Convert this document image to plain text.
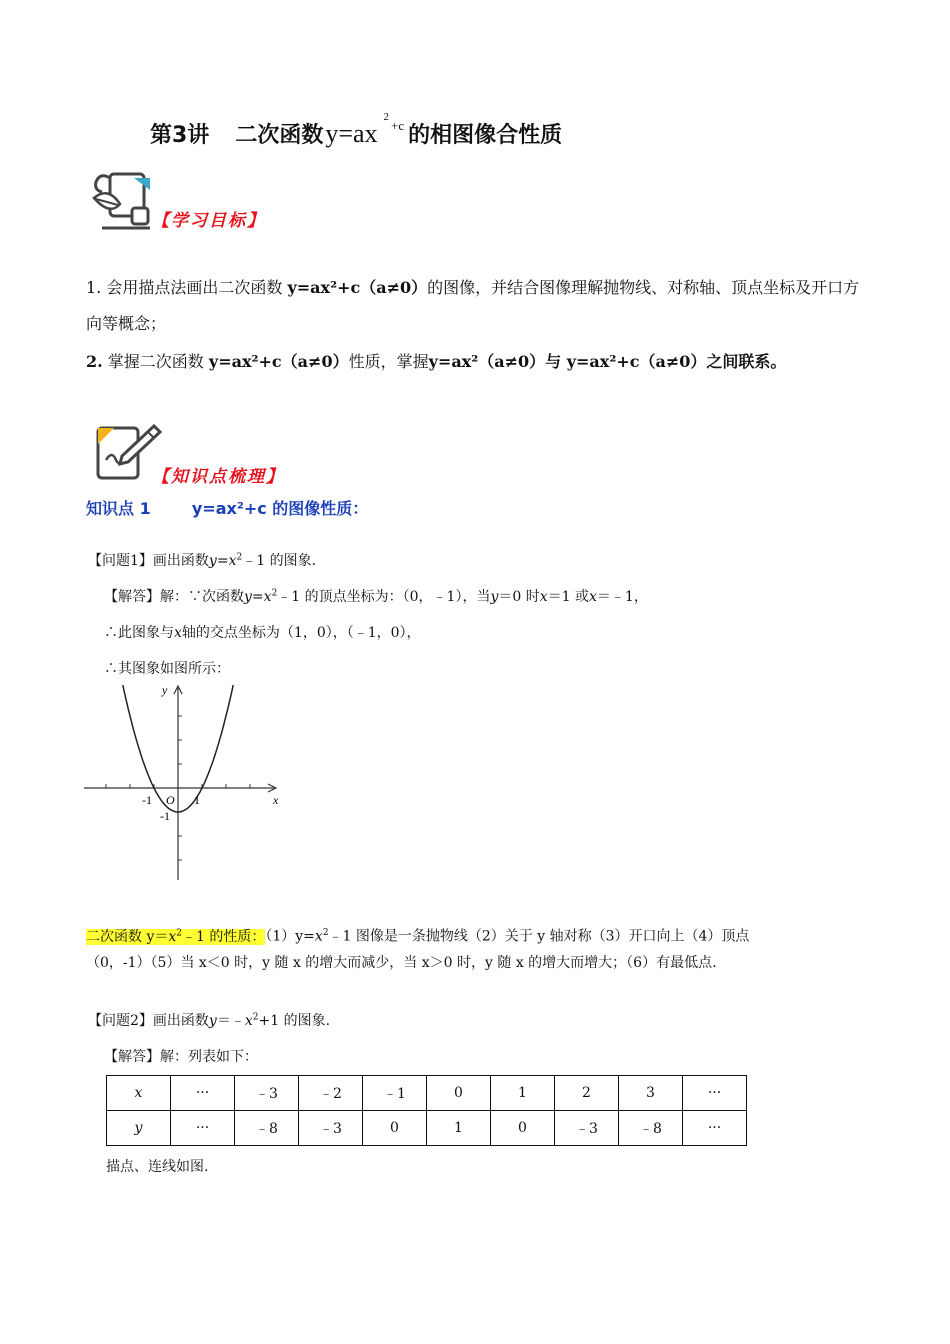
第3讲 二次函数$y=ax^{2+c}$ 的相图像合性质
【学习目标】
1. 会用描点法画出二次函数 y=ax²+c（a≠0）的图像，并结合图像理解抛物线、对称轴、顶点坐标及开口方向等概念；
2. 掌握二次函数 y=ax²+c（a≠0）性质，掌握y=ax²（a≠0）与 y=ax²+c（a≠0）之间联系。
【知识点梳理】
知识点 1	y=ax²+c 的图像性质：
【问题1】画出函数$y=x^2﹣1$ 的图象.
【解答】解：∵次函数$y=x^2﹣1$ 的顶点坐标为：（0，﹣1），当y＝0 时x＝1 或x＝﹣1，
∴此图象与x轴的交点坐标为（1，0），（﹣1，0），
∴其图象如图所示：
x
y
O
-1	1
-1
二次函数 $y=x^2﹣1$ 的性质：$(1)y=x^2﹣1$ 图像是一条抛物线（2）关于 y 轴对称（3）开口向上（4）顶点（0，-1）（5）当 x＜0 时，y 随 x 的增大而减少，当 x＞0 时，y 随 x 的增大而增大；（6）有最低点.
【问题2】画出函数$y=﹣x^2+1$ 的图象.
【解答】解：列表如下：
x	···	﹣3	﹣2	﹣1	0	1	2	3	···
y	···	﹣8	﹣3	0	1	0	﹣3	﹣8	···
描点、连线如图.
